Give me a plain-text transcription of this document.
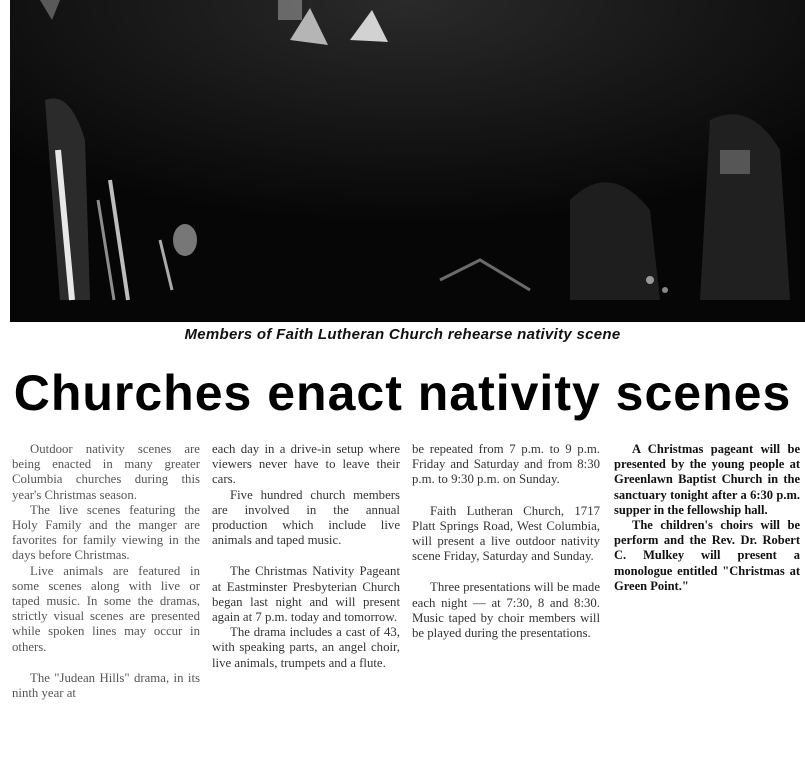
Members of Faith Lutheran Church rehearse nativity scene
Churches enact nativity scenes

Outdoor nativity scenes are being enacted in many greater Columbia churches during this year's Christmas season.

The live scenes featuring the Holy Family and the manger are favorites for family viewing in the days before Christmas.

Live animals are featured in some scenes along with live or taped music. In some the dramas, strictly visual scenes are presented while spoken lines may occur in others.

The "Judean Hills" drama, in its ninth year at

each day in a drive-in setup where viewers never have to leave their cars.

Five hundred church members are involved in the annual production which include live animals and taped music.

The Christmas Nativity Pageant at Eastminster Presbyterian Church began last night and will present again at 7 p.m. today and tomorrow.

The drama includes a cast of 43, with speaking parts, an angel choir, live animals, trumpets and a flute.

be repeated from 7 p.m. to 9 p.m. Friday and Saturday and from 8:30 p.m. to 9:30 p.m. on Sunday.

Faith Lutheran Church, 1717 Platt Springs Road, West Columbia, will present a live outdoor nativity scene Friday, Saturday and Sunday.

Three presentations will be made each night — at 7:30, 8 and 8:30. Music taped by choir members will be played during the presentations.

A Christmas pageant will be presented by the young people at Greenlawn Baptist Church in the sanctuary tonight after a 6:30 p.m. supper in the fellowship hall.

The children's choirs will be perform and the Rev. Dr. Robert C. Mulkey will present a monologue entitled "Christmas at Green Point."
